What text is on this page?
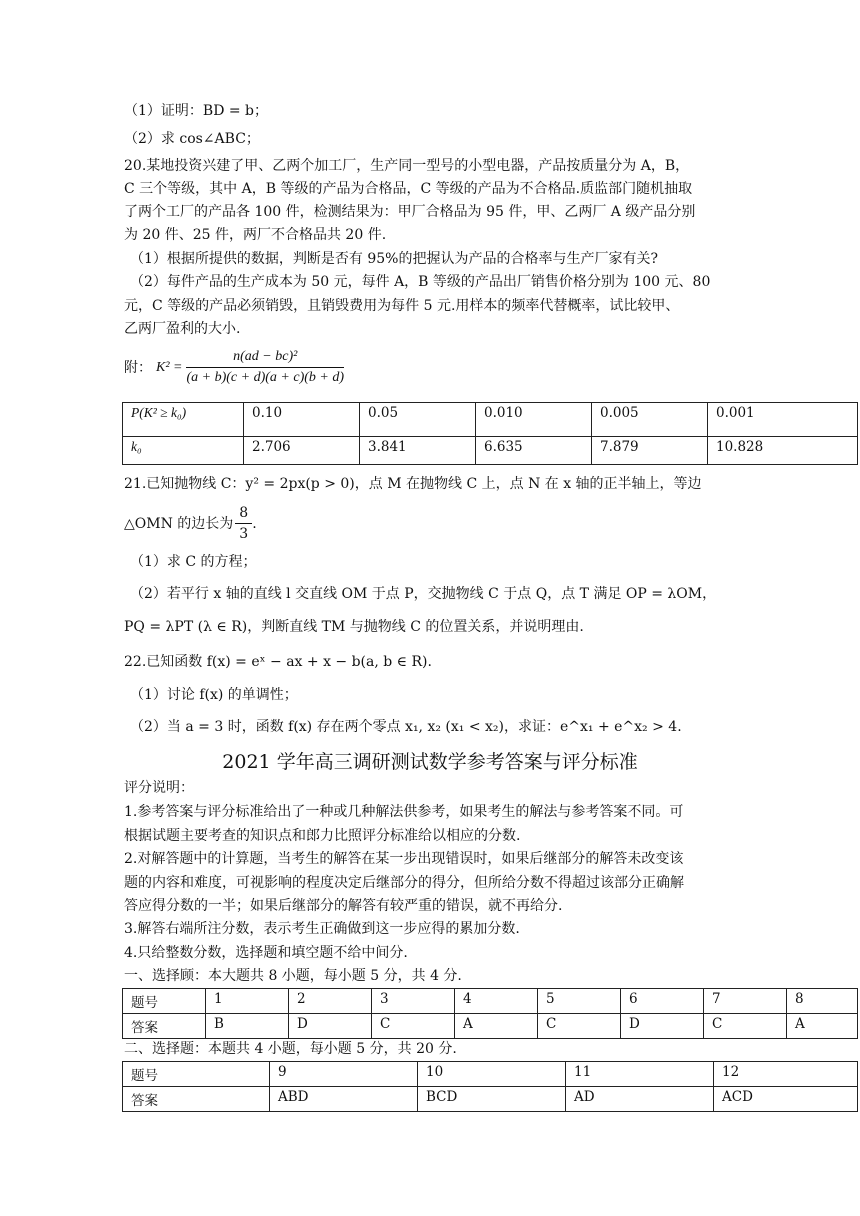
（1）证明：BD = b；
（2）求 cos∠ABC；
20.某地投资兴建了甲、乙两个加工厂，生产同一型号的小型电器，产品按质量分为 A，B，
C 三个等级，其中 A，B 等级的产品为合格品，C 等级的产品为不合格品.质监部门随机抽取
了两个工厂的产品各 100 件，检测结果为：甲厂合格品为 95 件，甲、乙两厂 A 级产品分别
为 20 件、25 件，两厂不合格品共 20 件.
（1）根据所提供的数据，判断是否有 95%的把握认为产品的合格率与生产厂家有关?
（2）每件产品的生产成本为 50 元，每件 A，B 等级的产品出厂销售价格分别为 100 元、80
元，C 等级的产品必须销毁，且销毁费用为每件 5 元.用样本的频率代替概率，试比较甲、
乙两厂盈利的大小.
附： $K^2 = \frac{\text{n(ad − bc)²}}{(a + b)(c + d)(a + c)(b + d)}$
P(K² ≥ k₀)	0.10	0.05	0.010	0.005	0.001
k₀	2.706	3.841	6.635	7.879	10.828
21.已知抛物线 C：y² = 2px(p > 0)，点 M 在抛物线 C 上，点 N 在 x 轴的正半轴上，等边
△OMN 的边长为 $\frac{8}{3}$ .
（1）求 C 的方程；
（2）若平行 x 轴的直线 l 交直线 OM 于点 P，交抛物线 C 于点 Q，点 T 满足 OP = λOM，
PQ = λPT (λ ∈ R)，判断直线 TM 与抛物线 C 的位置关系，并说明理由.
22.已知函数 f(x) = eˣ − ax + x − b(a, b ∈ R).
（1）讨论 f(x) 的单调性；
（2）当 a = 3 时，函数 f(x) 存在两个零点 x₁, x₂ (x₁ < x₂)，求证：e^x₁ + e^x₂ > 4.
2021 学年高三调研测试数学参考答案与评分标准
评分说明：
1.参考答案与评分标准给出了一种或几种解法供参考，如果考生的解法与参考答案不同。可
根据试题主要考查的知识点和郎力比照评分标准给以相应的分数.
2.对解答题中的计算题，当考生的解答在某一步出现错误时，如果后继部分的解答未改变该
题的内容和难度，可视影响的程度决定后继部分的得分，但所给分数不得超过该部分正确解
答应得分数的一半；如果后继部分的解答有较严重的错误，就不再给分.
3.解答右端所注分数，表示考生正确做到这一步应得的累加分数.
4.只给整数分数，选择题和填空题不给中间分.
一、选择顾：本大题共 8 小题，每小题 5 分，共 4 分.
题号	1	2	3	4	5	6	7	8
答案	B	D	C	A	C	D	C	A
二、选择题：本题共 4 小题，每小题 5 分，共 20 分.
题号	9	10	11	12
答案	ABD	BCD	AD	ACD
